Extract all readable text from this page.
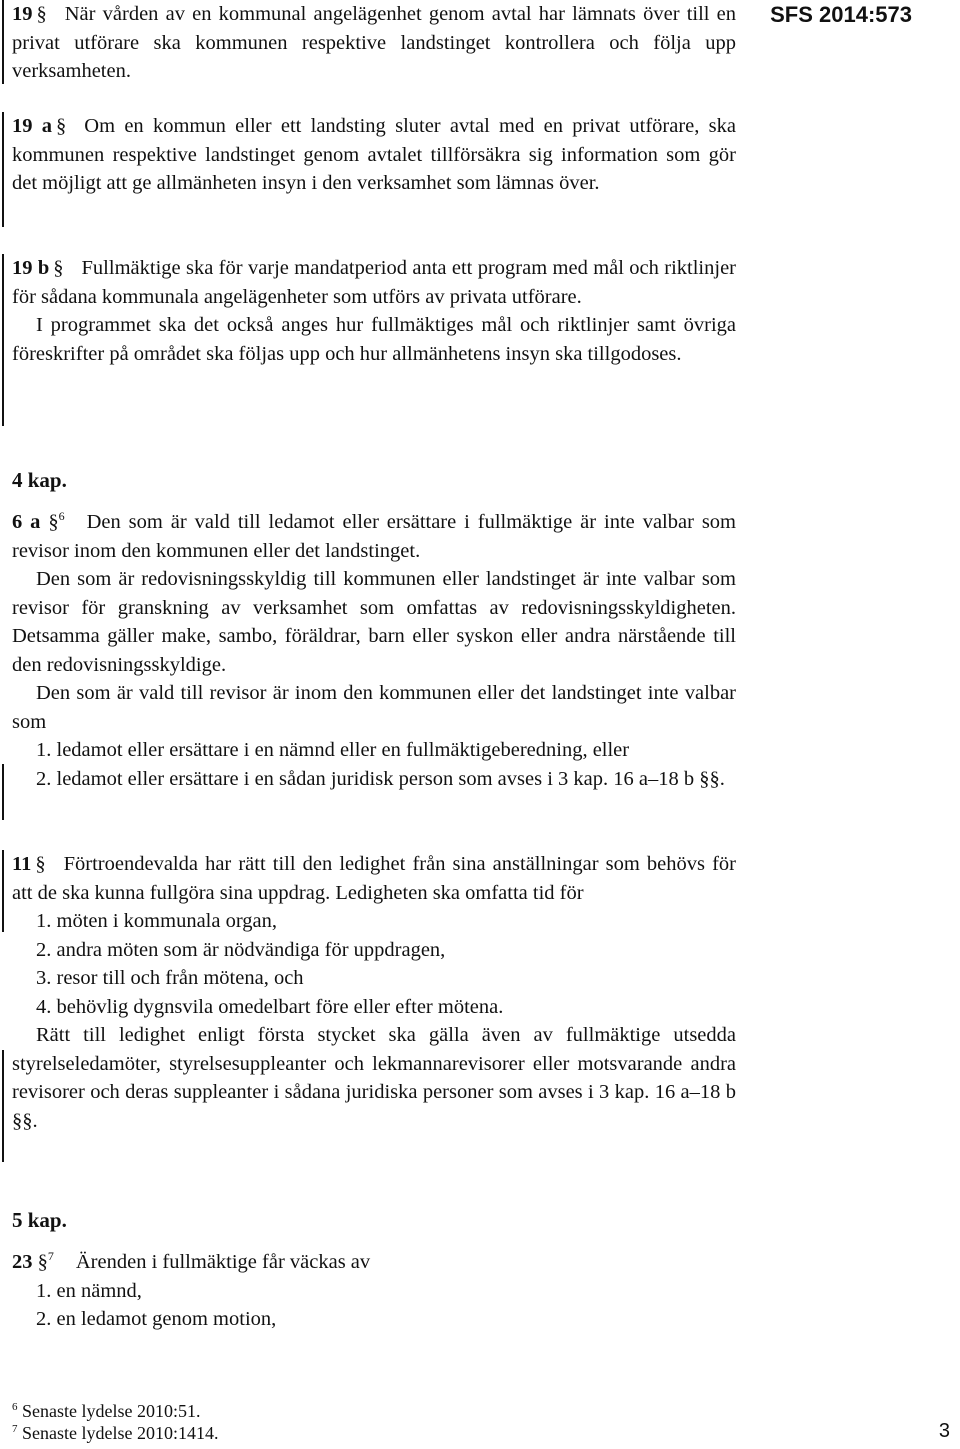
SFS 2014:573

19 § När vården av en kommunal angelägenhet genom avtal har lämnats över till en privat utförare ska kommunen respektive landstinget kontrollera och följa upp verksamheten.

19 a § Om en kommun eller ett landsting sluter avtal med en privat utförare, ska kommunen respektive landstinget genom avtalet tillförsäkra sig information som gör det möjligt att ge allmänheten insyn i den verksamhet som lämnas över.

19 b § Fullmäktige ska för varje mandatperiod anta ett program med mål och riktlinjer för sådana kommunala angelägenheter som utförs av privata utförare.

I programmet ska det också anges hur fullmäktiges mål och riktlinjer samt övriga föreskrifter på området ska följas upp och hur allmänhetens insyn ska tillgodoses.

4 kap.

6 a §$^6$ Den som är vald till ledamot eller ersättare i fullmäktige är inte valbar som revisor inom den kommunen eller det landstinget.

Den som är redovisningsskyldig till kommunen eller landstinget är inte valbar som revisor för granskning av verksamhet som omfattas av redovisningsskyldigheten. Detsamma gäller make, sambo, föräldrar, barn eller syskon eller andra närstående till den redovisningsskyldige.

Den som är vald till revisor är inom den kommunen eller det landstinget inte valbar som

1. ledamot eller ersättare i en nämnd eller en fullmäktigeberedning, eller

2. ledamot eller ersättare i en sådan juridisk person som avses i 3 kap. 16 a–18 b §§.

11 § Förtroendevalda har rätt till den ledighet från sina anställningar som behövs för att de ska kunna fullgöra sina uppdrag. Ledigheten ska omfatta tid för

1. möten i kommunala organ,

2. andra möten som är nödvändiga för uppdragen,

3. resor till och från mötena, och

4. behövlig dygnsvila omedelbart före eller efter mötena.

Rätt till ledighet enligt första stycket ska gälla även av fullmäktige utsedda styrelseledamöter, styrelsesuppleanter och lekmannarevisorer eller motsvarande andra revisorer och deras suppleanter i sådana juridiska personer som avses i 3 kap. 16 a–18 b §§.

5 kap.

23 §$^7$ Ärenden i fullmäktige får väckas av

1. en nämnd,

2. en ledamot genom motion,

$^6$ Senaste lydelse 2010:51.
$^7$ Senaste lydelse 2010:1414.	3
